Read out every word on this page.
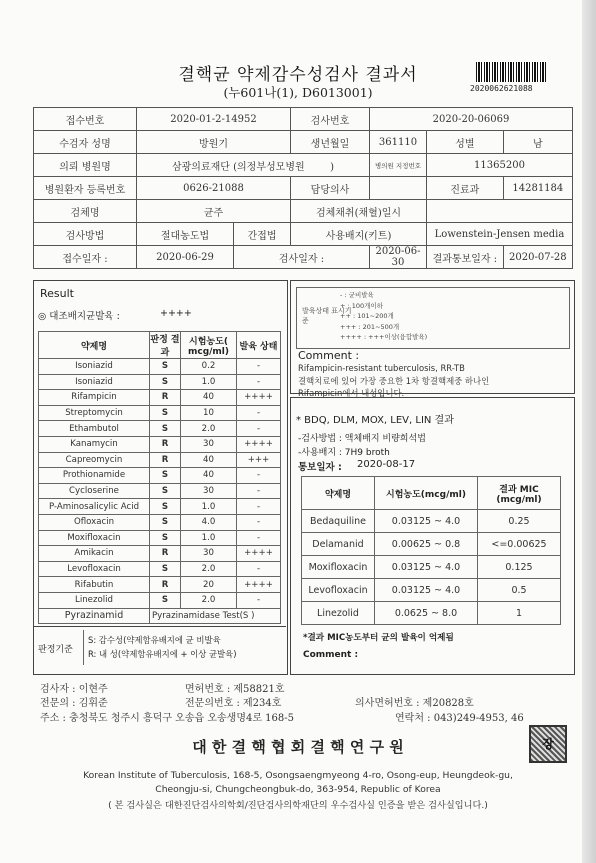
결핵균 약제감수성검사 결과서
(누601나(1), D6013001)	2020062621088
접수번호	2020-01-2-14952		검사번호	2020-20-06069		
수검자 성명	방원기		생년월일	361110	성별	남
의뢰 병원명	삼광의료재단 (의정부성모병원 )			병의원 지정번호	11365200	
병원환자 등록번호	0626-21088		담당의사		진료과	14281184
검체명	균주		검체채취(채혈)일시			
검사방법	절대농도법	간접법	사용배지(키트)		Lowenstein-Jensen media	
접수일자 :	2020-06-29	검사일자 :		2020-06-30	결과통보일자 :	2020-07-28
Result
◎ 대조배지균발육 :	++++
약제명	판정 결과	시험농도( mcg/ml)	발육 상태
Isoniazid	S	0.2	-
Isoniazid	S	1.0	-
Rifampicin	R	40	++++
Streptomycin	S	10	-
Ethambutol	S	2.0	-
Kanamycin	R	30	++++
Capreomycin	R	40	+++
Prothionamide	S	40	-
Cycloserine	S	30	-
P-Aminosalicylic Acid	S	1.0	-
Ofloxacin	S	4.0	-
Moxifloxacin	S	1.0	-
Amikacin	R	30	++++
Levofloxacin	S	2.0	-
Rifabutin	R	20	++++
Linezolid	S	2.0	-
Pyrazinamid	Pyrazinamidase Test(S )		
판정기준
S: 감수성(약제함유배지에 균 비발육
R: 내 성(약제함유배지에 + 이상 균발육)
발육상태 표시기준
- : 균비발육
+ : 100개이하
++ : 101~200개
+++ : 201~500개
++++ : +++이상(융합발육)
Comment :
Rifampicin-resistant tuberculosis, RR-TB
결핵치료에 있어 가장 중요한 1차 항결핵제중 하나인
Rifampicin에서 내성입니다.
* BDQ, DLM, MOX, LEV, LIN 결과
-검사방법 : 액체배지 비량희석법
-사용배지 : 7H9 broth
통보일자 : 2020-08-17
약제명	시험농도(mcg/ml)	결과 MIC (mcg/ml)
Bedaquiline	0.03125 ~ 4.0	0.25
Delamanid	0.00625 ~ 0.8	<=0.00625
Moxifloxacin	0.03125 ~ 4.0	0.125
Levofloxacin	0.03125 ~ 4.0	0.5
Linezolid	0.0625 ~ 8.0	1
*결과 MIC농도부터 균의 발육이 억제됨
Comment :
검사자 : 이현주	면허번호 : 제58821호
전문의 : 김휘준	전문의번호 : 제234호	의사면허번호 : 제20828호
주소 : 충청북도 청주시 흥덕구 오송읍 오송생명4로 168-5	연락처 : 043)249-4953, 46
대 한 결 핵 협 회 결 핵 연 구 원	장
Korean Institute of Tuberculosis, 168-5, Osongsaengmyeong 4-ro, Osong-eup, Heungdeok-gu,
Cheongju-si, Chungcheongbuk-do, 363-954, Republic of Korea
( 본 검사실은 대한진단검사의학회/진단검사의학재단의 우수검사실 인증을 받은 검사실입니다.)
